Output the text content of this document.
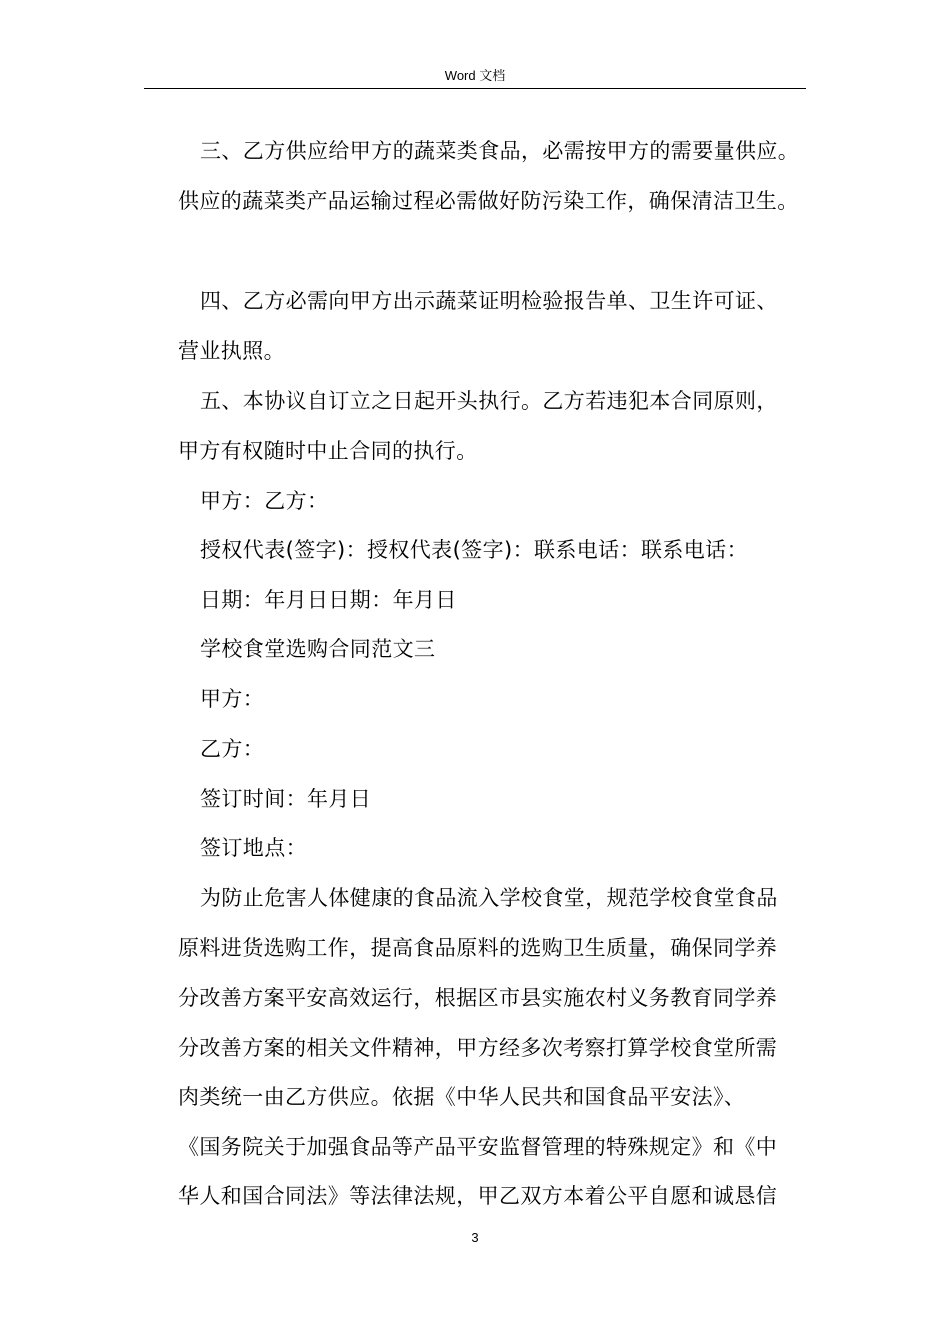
Word 文档
三、乙方供应给甲方的蔬菜类食品，必需按甲方的需要量供应。
供应的蔬菜类产品运输过程必需做好防污染工作，确保清洁卫生。
四、乙方必需向甲方出示蔬菜证明检验报告单、卫生许可证、
营业执照。
五、本协议自订立之日起开头执行。乙方若违犯本合同原则，
甲方有权随时中止合同的执行。
甲方：乙方：
授权代表(签字)：授权代表(签字)：联系电话：联系电话：
日期：年月日日期：年月日
学校食堂选购合同范文三
甲方：
乙方：
签订时间：年月日
签订地点：
为防止危害人体健康的食品流入学校食堂，规范学校食堂食品
原料进货选购工作，提高食品原料的选购卫生质量，确保同学养
分改善方案平安高效运行，根据区市县实施农村义务教育同学养
分改善方案的相关文件精神，甲方经多次考察打算学校食堂所需
肉类统一由乙方供应。依据《中华人民共和国食品平安法》、
《国务院关于加强食品等产品平安监督管理的特殊规定》和《中
华人和国合同法》等法律法规，甲乙双方本着公平自愿和诚恳信
3
